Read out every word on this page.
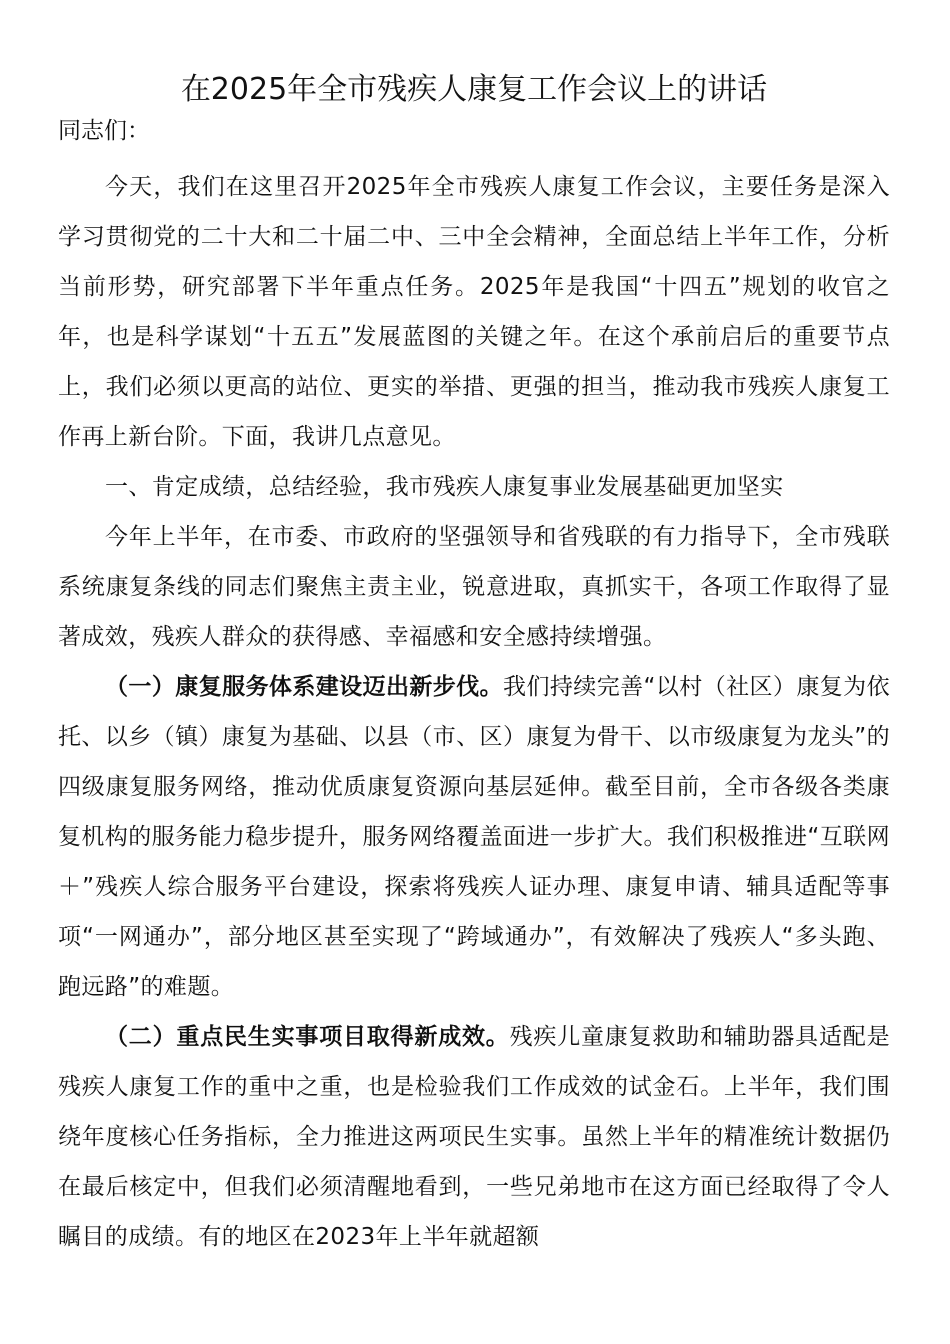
在2025年全市残疾人康复工作会议上的讲话

同志们：

今天，我们在这里召开2025年全市残疾人康复工作会议，主要任务是深入学习贯彻党的二十大和二十届二中、三中全会精神，全面总结上半年工作，分析当前形势，研究部署下半年重点任务。2025年是我国“十四五”规划的收官之年，也是科学谋划“十五五”发展蓝图的关键之年。在这个承前启后的重要节点上，我们必须以更高的站位、更实的举措、更强的担当，推动我市残疾人康复工作再上新台阶。下面，我讲几点意见。

一、肯定成绩，总结经验，我市残疾人康复事业发展基础更加坚实

今年上半年，在市委、市政府的坚强领导和省残联的有力指导下，全市残联系统康复条线的同志们聚焦主责主业，锐意进取，真抓实干，各项工作取得了显著成效，残疾人群众的获得感、幸福感和安全感持续增强。

（一）康复服务体系建设迈出新步伐。我们持续完善“以村（社区）康复为依托、以乡（镇）康复为基础、以县（市、区）康复为骨干、以市级康复为龙头”的四级康复服务网络，推动优质康复资源向基层延伸。截至目前，全市各级各类康复机构的服务能力稳步提升，服务网络覆盖面进一步扩大。我们积极推进“互联网＋”残疾人综合服务平台建设，探索将残疾人证办理、康复申请、辅具适配等事项“一网通办”，部分地区甚至实现了“跨域通办”，有效解决了残疾人“多头跑、跑远路”的难题。

（二）重点民生实事项目取得新成效。残疾儿童康复救助和辅助器具适配是残疾人康复工作的重中之重，也是检验我们工作成效的试金石。上半年，我们围绕年度核心任务指标，全力推进这两项民生实事。虽然上半年的精准统计数据仍在最后核定中，但我们必须清醒地看到，一些兄弟地市在这方面已经取得了令人瞩目的成绩。有的地区在2023年上半年就超额
